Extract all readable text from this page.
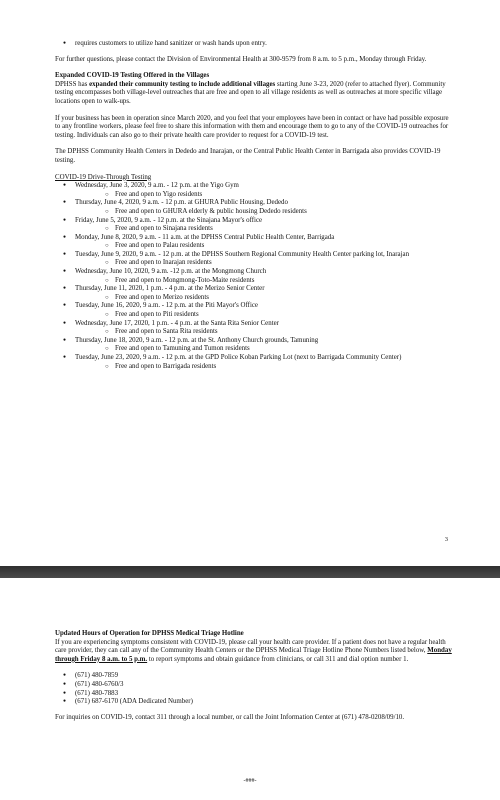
● requires customers to utilize hand sanitizer or wash hands upon entry.

For further questions, please contact the Division of Environmental Health at 300-9579 from 8 a.m. to 5 p.m., Monday through Friday.

Expanded COVID-19 Testing Offered in the Villages

DPHSS has expanded their community testing to include additional villages starting June 3-23, 2020 (refer to attached flyer). Community testing encompasses both village-level outreaches that are free and open to all village residents as well as outreaches at more specific village locations open to walk-ups.

If your business has been in operation since March 2020, and you feel that your employees have been in contact or have had possible exposure to any frontline workers, please feel free to share this information with them and encourage them to go to any of the COVID-19 outreaches for testing. Individuals can also go to their private health care provider to request for a COVID-19 test.

The DPHSS Community Health Centers in Dededo and Inarajan, or the Central Public Health Center in Barrigada also provides COVID-19 testing.

COVID-19 Drive-Through Testing

● Wednesday, June 3, 2020, 9 a.m. - 12 p.m. at the Yigo Gym
○ Free and open to Yigo residents
● Thursday, June 4, 2020, 9 a.m. - 12 p.m. at GHURA Public Housing, Dededo
○ Free and open to GHURA elderly & public housing Dededo residents
● Friday, June 5, 2020, 9 a.m. - 12 p.m. at the Sinajana Mayor's office
○ Free and open to Sinajana residents
● Monday, June 8, 2020, 9 a.m. - 11 a.m. at the DPHSS Central Public Health Center, Barrigada
○ Free and open to Palau residents
● Tuesday, June 9, 2020, 9 a.m. - 12 p.m. at the DPHSS Southern Regional Community Health Center parking lot, Inarajan
○ Free and open to Inarajan residents
● Wednesday, June 10, 2020, 9 a.m. -12 p.m. at the Mongmong Church
○ Free and open to Mongmong-Toto-Maite residents
● Thursday, June 11, 2020, 1 p.m. - 4 p.m. at the Merizo Senior Center
○ Free and open to Merizo residents
● Tuesday, June 16, 2020, 9 a.m. - 12 p.m. at the Piti Mayor's Office
○ Free and open to Piti residents
● Wednesday, June 17, 2020, 1 p.m. - 4 p.m. at the Santa Rita Senior Center
○ Free and open to Santa Rita residents
● Thursday, June 18, 2020, 9 a.m. - 12 p.m. at the St. Anthony Church grounds, Tamuning
○ Free and open to Tamuning and Tumon residents
● Tuesday, June 23, 2020, 9 a.m. - 12 p.m. at the GPD Police Koban Parking Lot (next to Barrigada Community Center)
○ Free and open to Barrigada residents
3

Updated Hours of Operation for DPHSS Medical Triage Hotline

If you are experiencing symptoms consistent with COVID-19, please call your health care provider. If a patient does not have a regular health care provider, they can call any of the Community Health Centers or the DPHSS Medical Triage Hotline Phone Numbers listed below, Monday through Friday 8 a.m. to 5 p.m. to report symptoms and obtain guidance from clinicians, or call 311 and dial option number 1.

● (671) 480-7859
● (671) 480-6760/3
● (671) 480-7883
● (671) 687-6170 (ADA Dedicated Number)

For inquiries on COVID-19, contact 311 through a local number, or call the Joint Information Center at (671) 478-0208/09/10.

-###-
